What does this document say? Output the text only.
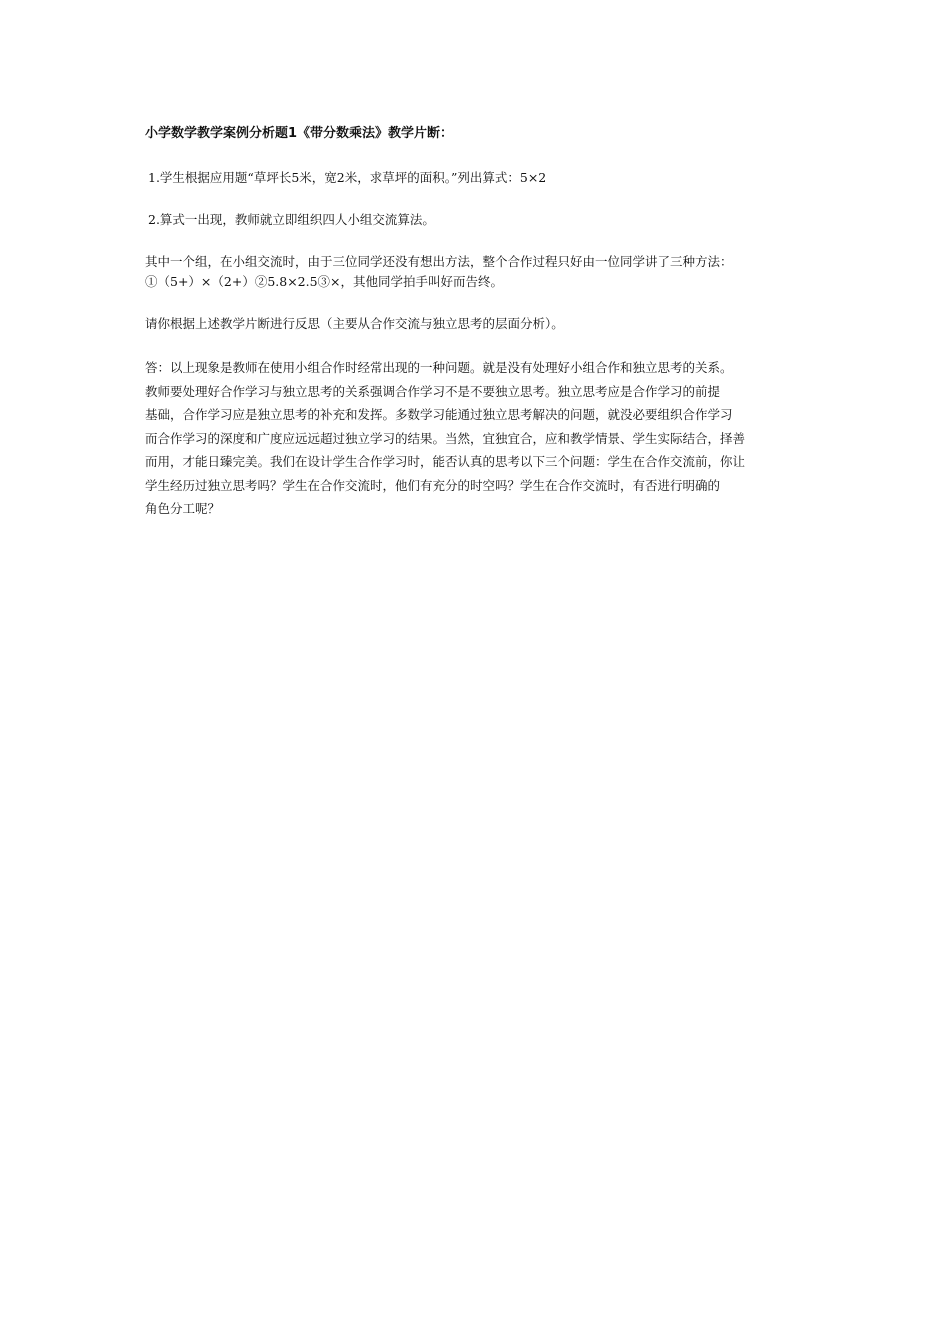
小学数学教学案例分析题1《带分数乘法》教学片断：

1.学生根据应用题“草坪长5米，宽2米，求草坪的面积。”列出算式：5×2

2.算式一出现，教师就立即组织四人小组交流算法。

其中一个组，在小组交流时，由于三位同学还没有想出方法，整个合作过程只好由一位同学讲了三种方法：
①（5+）×（2+）②5.8×2.5③×，其他同学拍手叫好而告终。

请你根据上述教学片断进行反思（主要从合作交流与独立思考的层面分析）。

答：以上现象是教师在使用小组合作时经常出现的一种问题。就是没有处理好小组合作和独立思考的关系。
教师要处理好合作学习与独立思考的关系强调合作学习不是不要独立思考。独立思考应是合作学习的前提
基础，合作学习应是独立思考的补充和发挥。多数学习能通过独立思考解决的问题，就没必要组织合作学习
而合作学习的深度和广度应远远超过独立学习的结果。当然，宜独宜合，应和教学情景、学生实际结合，择善
而用，才能日臻完美。我们在设计学生合作学习时，能否认真的思考以下三个问题：学生在合作交流前，你让
学生经历过独立思考吗？学生在合作交流时，他们有充分的时空吗？学生在合作交流时，有否进行明确的
角色分工呢？
